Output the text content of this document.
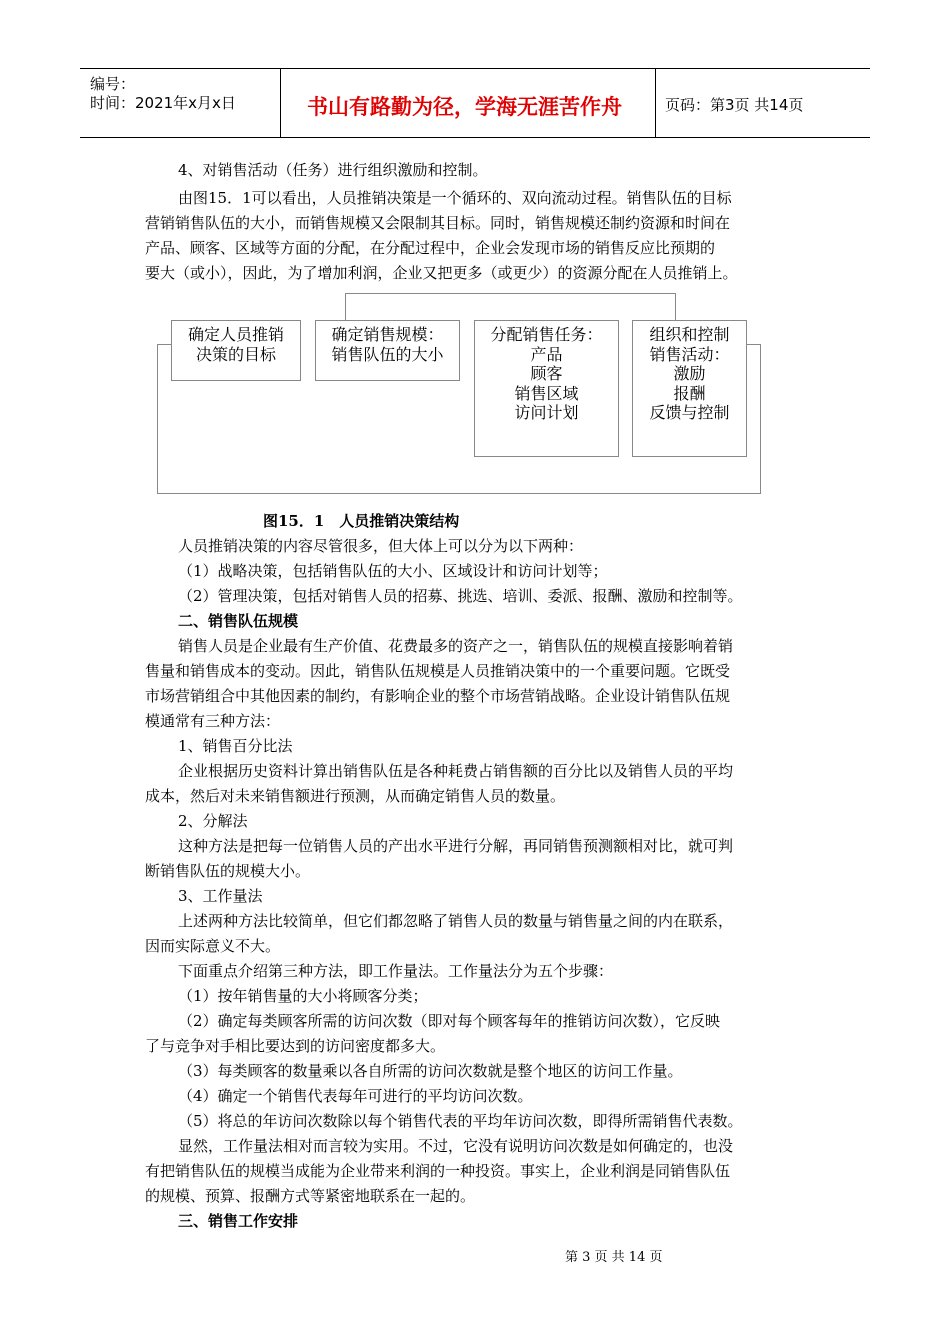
编号：
时间：2021年x月x日	书山有路勤为径，学海无涯苦作舟	页码：第3页 共14页
4、对销售活动（任务）进行组织激励和控制。
由图15．1可以看出，人员推销决策是一个循环的、双向流动过程。销售队伍的目标
营销销售队伍的大小，而销售规模又会限制其目标。同时，销售规模还制约资源和时间在
产品、顾客、区域等方面的分配，在分配过程中，企业会发现市场的销售反应比预期的
要大（或小），因此，为了增加利润，企业又把更多（或更少）的资源分配在人员推销上。
确定人员推销
决策的目标
确定销售规模：
销售队伍的大小
分配销售任务：
产品
顾客
销售区域
访问计划
组织和控制
销售活动：
激励
报酬
反馈与控制
图15．1　人员推销决策结构
人员推销决策的内容尽管很多，但大体上可以分为以下两种：
（1）战略决策，包括销售队伍的大小、区域设计和访问计划等；
（2）管理决策，包括对销售人员的招募、挑选、培训、委派、报酬、激励和控制等。
二、销售队伍规模
销售人员是企业最有生产价值、花费最多的资产之一，销售队伍的规模直接影响着销
售量和销售成本的变动。因此，销售队伍规模是人员推销决策中的一个重要问题。它既受
市场营销组合中其他因素的制约，有影响企业的整个市场营销战略。企业设计销售队伍规
模通常有三种方法：
1、销售百分比法
企业根据历史资料计算出销售队伍是各种耗费占销售额的百分比以及销售人员的平均
成本，然后对未来销售额进行预测，从而确定销售人员的数量。
2、分解法
这种方法是把每一位销售人员的产出水平进行分解，再同销售预测额相对比，就可判
断销售队伍的规模大小。
3、工作量法
上述两种方法比较简单，但它们都忽略了销售人员的数量与销售量之间的内在联系，
因而实际意义不大。
下面重点介绍第三种方法，即工作量法。工作量法分为五个步骤：
（1）按年销售量的大小将顾客分类；
（2）确定每类顾客所需的访问次数（即对每个顾客每年的推销访问次数），它反映
了与竞争对手相比要达到的访问密度都多大。
（3）每类顾客的数量乘以各自所需的访问次数就是整个地区的访问工作量。
（4）确定一个销售代表每年可进行的平均访问次数。
（5）将总的年访问次数除以每个销售代表的平均年访问次数，即得所需销售代表数。
显然，工作量法相对而言较为实用。不过，它没有说明访问次数是如何确定的，也没
有把销售队伍的规模当成能为企业带来利润的一种投资。事实上，企业利润是同销售队伍
的规模、预算、报酬方式等紧密地联系在一起的。
三、销售工作安排
第 3 页 共 14 页
